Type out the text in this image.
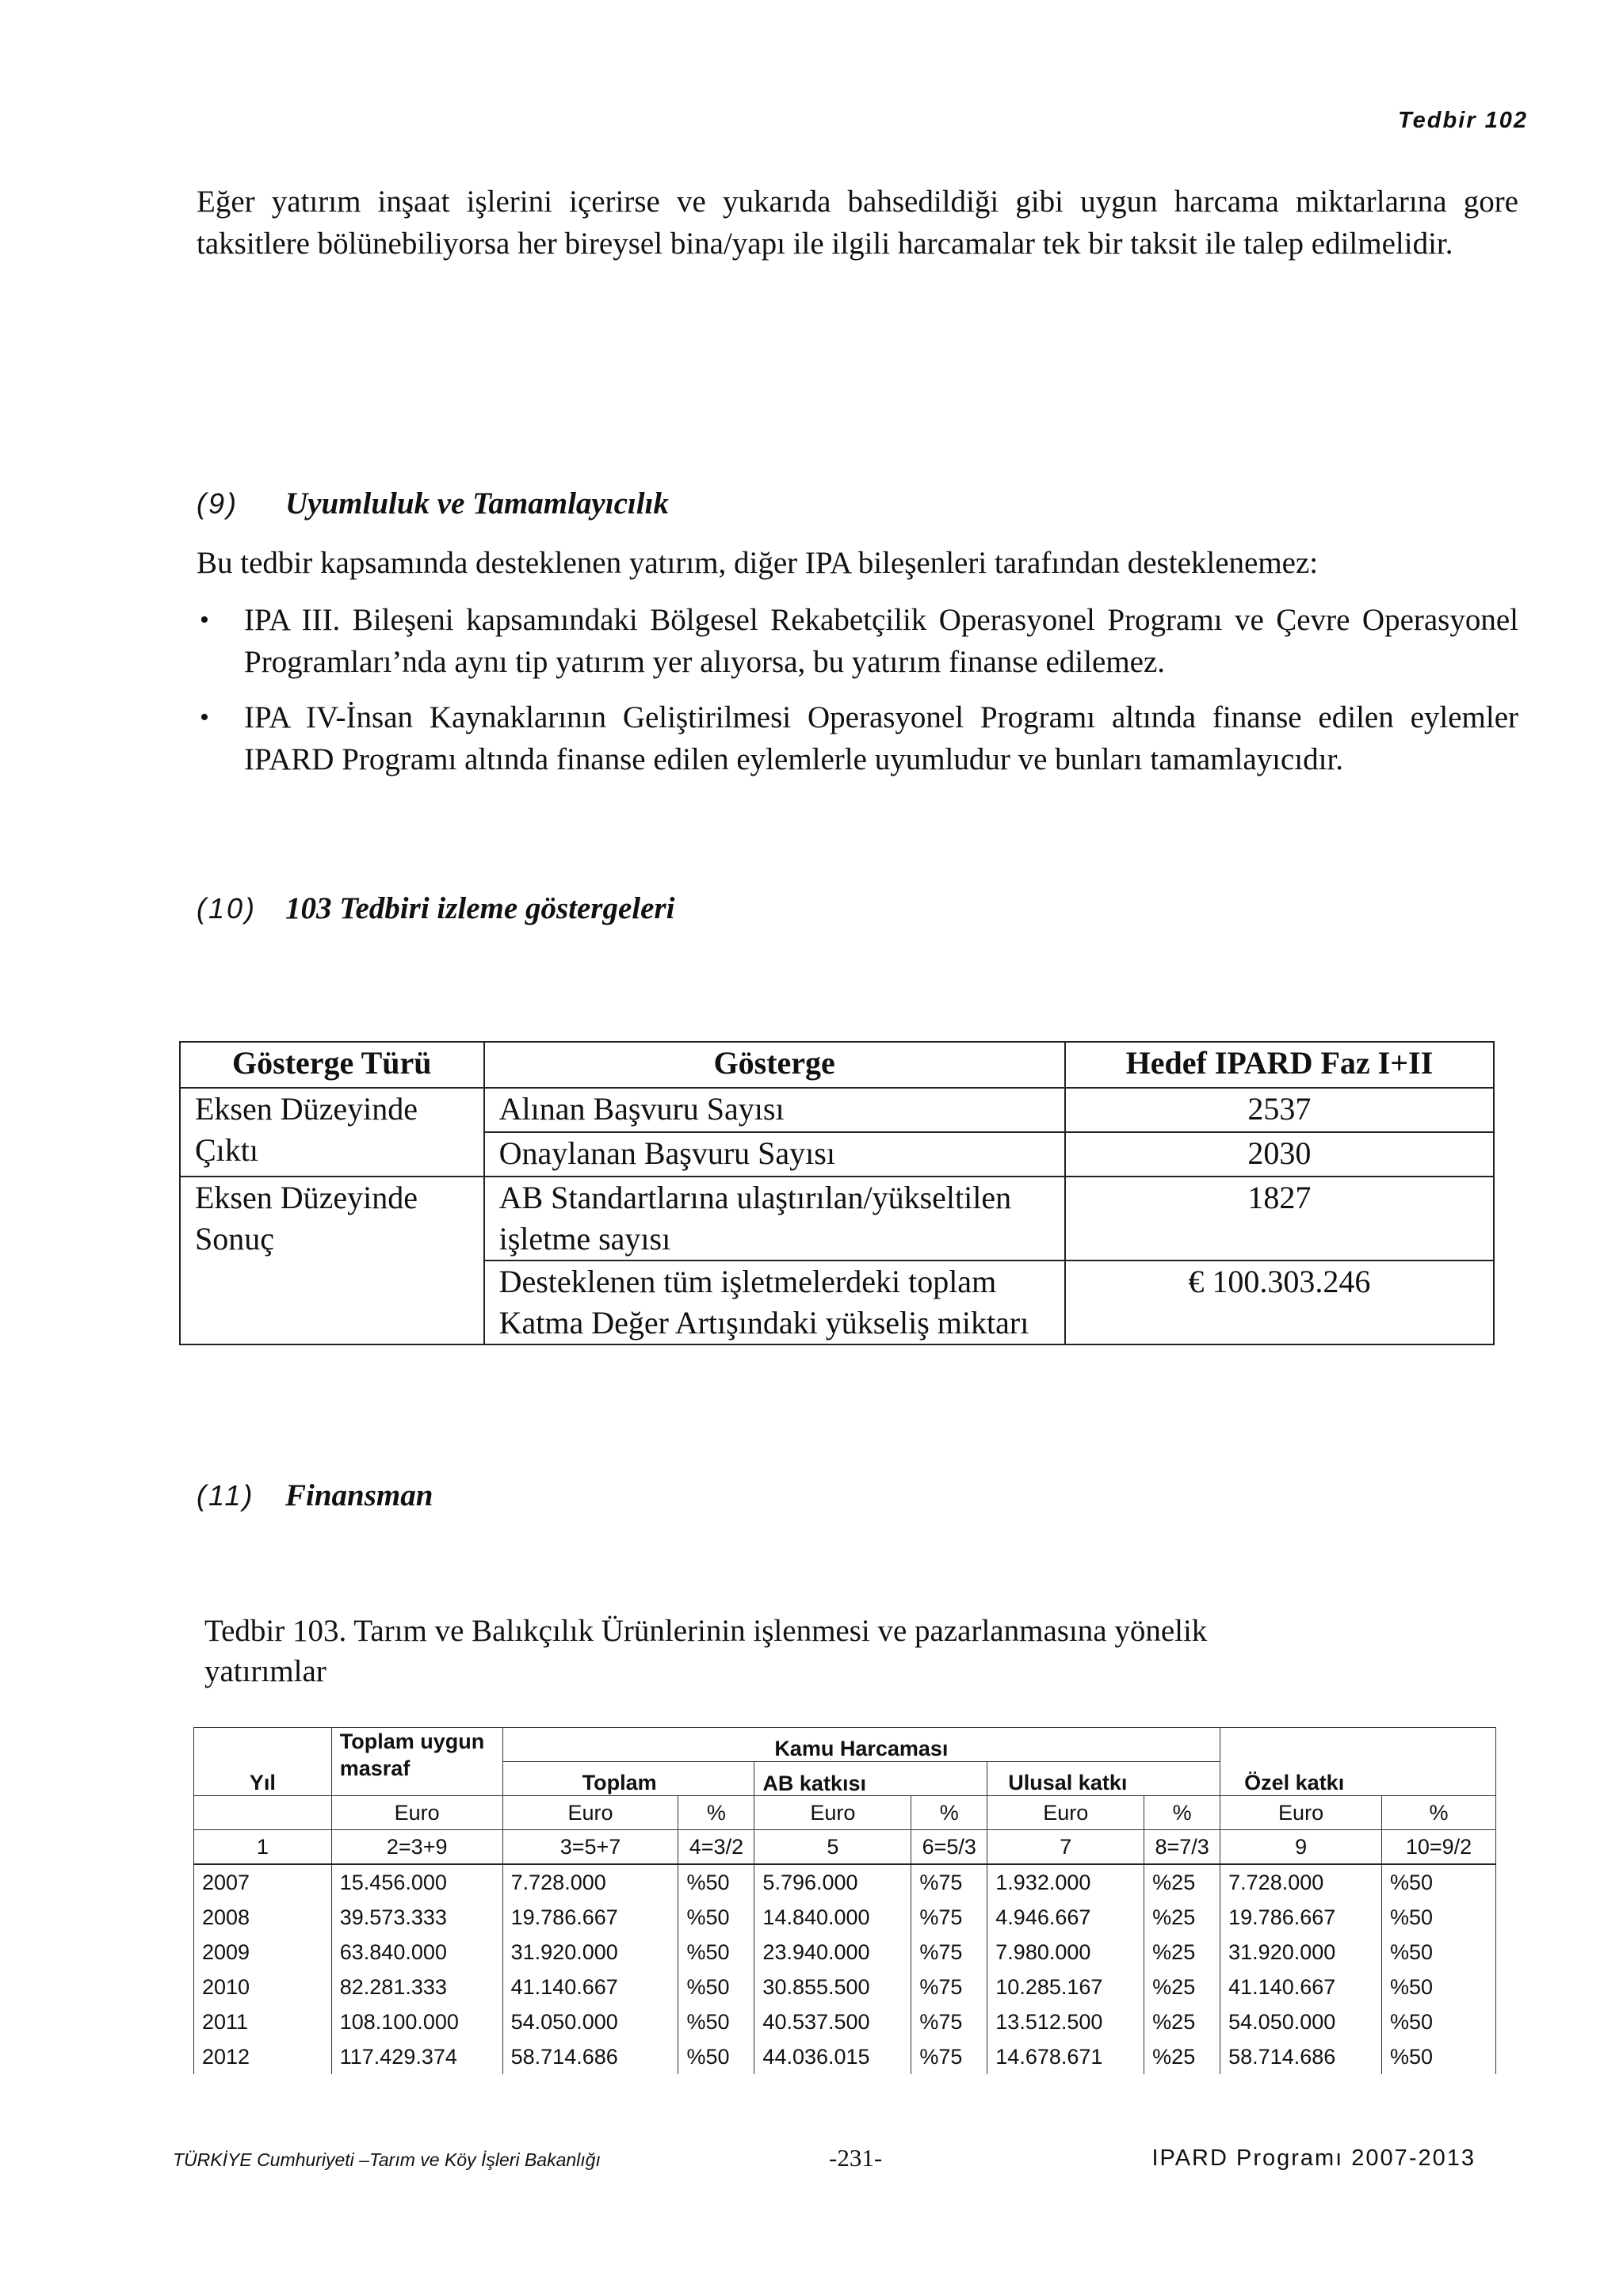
Tedbir 102

Eğer yatırım inşaat işlerini içerirse ve yukarıda bahsedildiği gibi uygun harcama miktarlarına gore taksitlere bölünebiliyorsa her bireysel bina/yapı ile ilgili harcamalar tek bir taksit ile talep edilmelidir.

(9) Uyumluluk ve Tamamlayıcılık

Bu tedbir kapsamında desteklenen yatırım, diğer IPA bileşenleri tarafından desteklenemez:

• IPA III. Bileşeni kapsamındaki Bölgesel Rekabetçilik Operasyonel Programı ve Çevre Operasyonel Programları’nda aynı tip yatırım yer alıyorsa, bu yatırım finanse edilemez.
• IPA IV-İnsan Kaynaklarının Geliştirilmesi Operasyonel Programı altında finanse edilen eylemler IPARD Programı altında finanse edilen eylemlerle uyumludur ve bunları tamamlayıcıdır.
(10) 103 Tedbiri izleme göstergeleri
Gösterge Türü	Gösterge	Hedef IPARD Faz I+II
Eksen Düzeyinde Çıktı	Alınan Başvuru Sayısı	2537
	Onaylanan Başvuru Sayısı	2030
Eksen Düzeyinde Sonuç	AB Standartlarına ulaştırılan/yükseltilen işletme sayısı	1827
	Desteklenen tüm işletmelerdeki toplam Katma Değer Artışındaki yükseliş miktarı	€ 100.303.246
(11) Finansman
Tedbir 103. Tarım ve Balıkçılık Ürünlerinin işlenmesi ve pazarlanmasına yönelik yatırımlar
Yıl	Toplam uygun masraf	Kamu Harcaması						Özel katkı	
		Toplam		AB katkısı		Ulusal katkı			

	Euro	Euro	%	Euro	%	Euro	%	Euro	%
1	2=3+9	3=5+7	4=3/2	5	6=5/3	7	8=7/3	9	10=9/2
2007	15.456.000	7.728.000	%50	5.796.000	%75	1.932.000	%25	7.728.000	%50
2008	39.573.333	19.786.667	%50	14.840.000	%75	4.946.667	%25	19.786.667	%50
2009	63.840.000	31.920.000	%50	23.940.000	%75	7.980.000	%25	31.920.000	%50
2010	82.281.333	41.140.667	%50	30.855.500	%75	10.285.167	%25	41.140.667	%50
2011	108.100.000	54.050.000	%50	40.537.500	%75	13.512.500	%25	54.050.000	%50
2012	117.429.374	58.714.686	%50	44.036.015	%75	14.678.671	%25	58.714.686	%50
TÜRKİYE Cumhuriyeti –Tarım ve Köy İşleri Bakanlığı	-231-	IPARD Programı 2007-2013
